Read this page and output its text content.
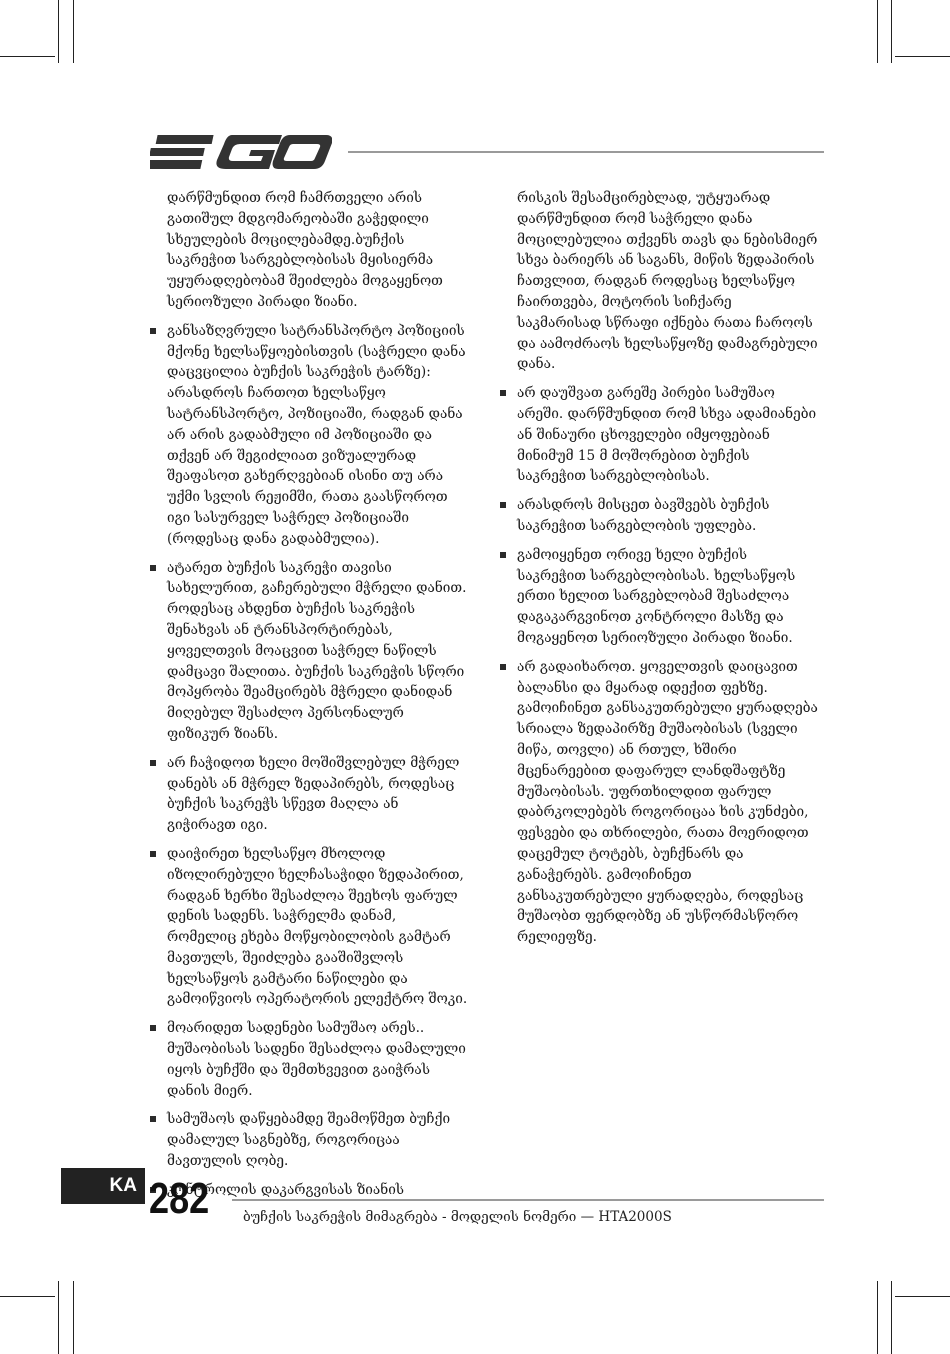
დარწმუნდით რომ ჩამრთველი არის გათიშულ მდგომარეობაში გაჭედილი სხეულების მოცილებამდე.ბუჩქის საკრეჭით სარგებლობისას მყისიერმა უყურადღებობამ შეიძლება მოგაყენოთ სერიოზული პირადი ზიანი.

განსაზღვრული სატრანსპორტო პოზიციის მქონე ხელსაწყოებისთვის (საჭრელი დანა დაცვცილია ბუჩქის საკრეჭის ტარზე): არასდროს ჩართოთ ხელსაწყო სატრანსპორტო, პოზიციაში, რადგან დანა არ არის გადაბმული იმ პოზიციაში და თქვენ არ შეგიძლიათ ვიზუალურად შეაფასოთ გახერღვებიან ისინი თუ არა უქმი სვლის რეჟიმში, რათა გაასწოროთ იგი სასურველ საჭრელ პოზიციაში (როდესაც დანა გადაბმულია).

ატარეთ ბუჩქის საკრეჭი თავისი სახელურით, გაჩერებული მჭრელი დანით. როდესაც ახდენთ ბუჩქის საკრეჭის შენახვას ან ტრანსპორტირებას, ყოველთვის მოაცვით საჭრელ ნაწილს დამცავი შალითა. ბუჩქის საკრეჭის სწორი მოპყრობა შეამცირებს მჭრელი დანიდან მიღებულ შესაძლო პერსონალურ ფიზიკურ ზიანს.

არ ჩაჭიდოთ ხელი მოშიშვლებულ მჭრელ დანებს ან მჭრელ ზედაპირებს, როდესაც ბუჩქის საკრეჭს სწევთ მაღლა ან გიჭირავთ იგი.

დაიჭირეთ ხელსაწყო მხოლოდ იზოლირებული ხელჩასაჭიდი ზედაპირით, რადგან ხერხი შესაძლოა შეეხოს ფარულ დენის სადენს. საჭრელმა დანამ, რომელიც ეხება მოწყობილობის გამტარ მავთულს, შეიძლება გააშიშვლოს ხელსაწყოს გამტარი ნაწილები და გამოიწვიოს ოპერატორის ელექტრო შოკი.

მოარიდეთ სადენები სამუშაო არეს.. მუშაობისას სადენი შესაძლოა დამალული იყოს ბუჩქში და შემთხვევით გაიჭრას დანის მიერ.

სამუშაოს დაწყებამდე შეამოწმეთ ბუჩქი დამალულ საგნებზე, როგორიცაა მავთულის ღობე.

კონტროლის დაკარგვისას ზიანის

რისკის შესამცირებლად, უტყუარად დარწმუნდით რომ საჭრელი დანა მოცილებულია თქვენს თავს და ნებისმიერ სხვა ბარიერს ან საგანს, მიწის ზედაპირის ჩათვლით, რადგან როდესაც ხელსაწყო ჩაირთვება, მოტორის სიჩქარე საკმარისად სწრაფი იქნება რათა ჩაროოს და აამოძრაოს ხელსაწყოზე დამაგრებული დანა.

არ დაუშვათ გარეშე პირები სამუშაო არეში. დარწმუნდით რომ სხვა ადამიანები ან შინაური ცხოველები იმყოფებიან მინიმუმ 15 მ მოშორებით ბუჩქის საკრეჭით სარგებლობისას.

არასდროს მისცეთ ბავშვებს ბუჩქის საკრეჭით სარგებლობის უფლება.

გამოიყენეთ ორივე ხელი ბუჩქის საკრეჭით სარგებლობისას. ხელსაწყოს ერთი ხელით სარგებლობამ შესაძლოა დაგაკარგვინოთ კონტროლი მასზე და მოგაყენოთ სერიოზული პირადი ზიანი.

არ გადაიხაროთ. ყოველთვის დაიცავით ბალანსი და მყარად იდექით ფეხზე. გამოიჩინეთ განსაკუთრებული ყურადღება სრიალა ზედაპირზე მუშაობისას (სველი მიწა, თოვლი) ან რთულ, ხშირი მცენარეებით დაფარულ ლანდშაფტზე მუშაობისას. უფრთხილდით ფარულ დაბრკოლებებს როგორიცაა ხის კუნძები, ფესვები და თხრილები, რათა მოერიდოთ დაცემულ ტოტებს, ბუჩქნარს და განაჭერებს. გამოიჩინეთ განსაკუთრებული ყურადღება, როდესაც მუშაობთ ფერდობზე ან უსწორმასწორო რელიეფზე.

KA 282	ბუჩქის საკრეჭის მიმაგრება - მოდელის ნომერი — HTA2000S
